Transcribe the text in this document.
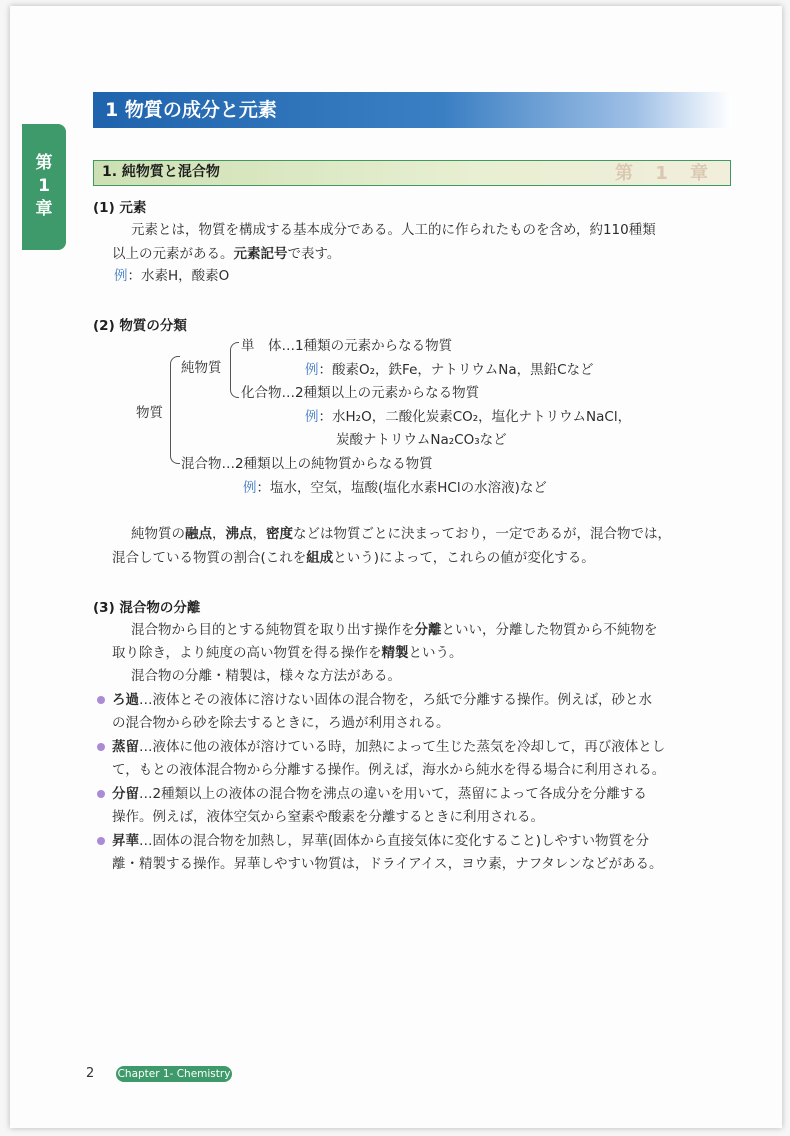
第
1
章
1 物質の成分と元素
1. 純物質と混合物	第 1 章
(1) 元素
元素とは，物質を構成する基本成分である。人工的に作られたものを含め，約110種類
以上の元素がある。元素記号で表す。
例：水素H，酸素O
(2) 物質の分類
物質
純物質
単　体…1種類の元素からなる物質
例：酸素O₂，鉄Fe，ナトリウムNa，黒鉛Cなど
化合物…2種類以上の元素からなる物質
例：水H₂O，二酸化炭素CO₂，塩化ナトリウムNaCl，
炭酸ナトリウムNa₂CO₃など
混合物…2種類以上の純物質からなる物質
例：塩水，空気，塩酸(塩化水素HClの水溶液)など
純物質の融点，沸点，密度などは物質ごとに決まっており，一定であるが，混合物では，
混合している物質の割合(これを組成という)によって，これらの値が変化する。
(3) 混合物の分離
混合物から目的とする純物質を取り出す操作を分離といい，分離した物質から不純物を
取り除き，より純度の高い物質を得る操作を精製という。
混合物の分離・精製は，様々な方法がある。
ろ過…液体とその液体に溶けない固体の混合物を，ろ紙で分離する操作。例えば，砂と水
の混合物から砂を除去するときに，ろ過が利用される。
蒸留…液体に他の液体が溶けている時，加熱によって生じた蒸気を冷却して，再び液体とし
て，もとの液体混合物から分離する操作。例えば，海水から純水を得る場合に利用される。
分留…2種類以上の液体の混合物を沸点の違いを用いて，蒸留によって各成分を分離する
操作。例えば，液体空気から窒素や酸素を分離するときに利用される。
昇華…固体の混合物を加熱し，昇華(固体から直接気体に変化すること)しやすい物質を分
離・精製する操作。昇華しやすい物質は，ドライアイス，ヨウ素，ナフタレンなどがある。
2 Chapter 1- Chemistry
